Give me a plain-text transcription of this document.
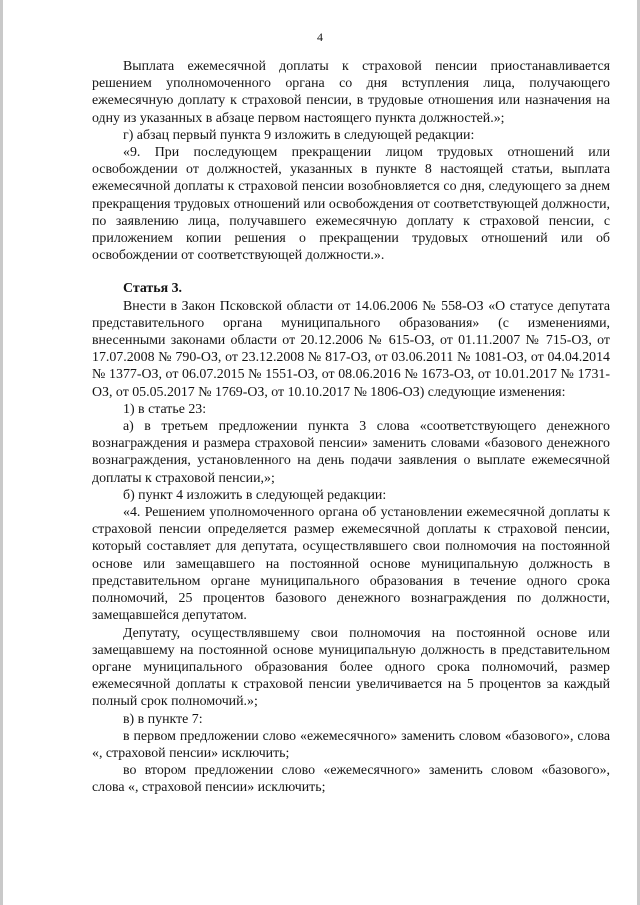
4

Выплата ежемесячной доплаты к страховой пенсии приостанавливается решением уполномоченного органа со дня вступления лица, получающего ежемесячную доплату к страховой пенсии, в трудовые отношения или назначения на одну из указанных в абзаце первом настоящего пункта должностей.»;

г) абзац первый пункта 9 изложить в следующей редакции:

«9. При последующем прекращении лицом трудовых отношений или освобождении от должностей, указанных в пункте 8 настоящей статьи, выплата ежемесячной доплаты к страховой пенсии возобновляется со дня, следующего за днем прекращения трудовых отношений или освобождения от соответствующей должности, по заявлению лица, получавшего ежемесячную доплату к страховой пенсии, с приложением копии решения о прекращении трудовых отношений или об освобождении от соответствующей должности.».

Статья 3.

Внести в Закон Псковской области от 14.06.2006 № 558-ОЗ «О статусе депутата представительного органа муниципального образования» (с изменениями, внесенными законами области от 20.12.2006 № 615-ОЗ, от 01.11.2007 № 715-ОЗ, от 17.07.2008 № 790-ОЗ, от 23.12.2008 № 817-ОЗ, от 03.06.2011 № 1081-ОЗ, от 04.04.2014 № 1377-ОЗ, от 06.07.2015 № 1551-ОЗ, от 08.06.2016 № 1673-ОЗ, от 10.01.2017 № 1731-ОЗ, от 05.05.2017 № 1769-ОЗ, от 10.10.2017 № 1806-ОЗ) следующие изменения:

1) в статье 23:

а) в третьем предложении пункта 3 слова «соответствующего денежного вознаграждения и размера страховой пенсии» заменить словами «базового денежного вознаграждения, установленного на день подачи заявления о выплате ежемесячной доплаты к страховой пенсии,»;

б) пункт 4 изложить в следующей редакции:

«4. Решением уполномоченного органа об установлении ежемесячной доплаты к страховой пенсии определяется размер ежемесячной доплаты к страховой пенсии, который составляет для депутата, осуществлявшего свои полномочия на постоянной основе или замещавшего на постоянной основе муниципальную должность в представительном органе муниципального образования в течение одного срока полномочий, 25 процентов базового денежного вознаграждения по должности, замещавшейся депутатом.

Депутату, осуществлявшему свои полномочия на постоянной основе или замещавшему на постоянной основе муниципальную должность в представительном органе муниципального образования более одного срока полномочий, размер ежемесячной доплаты к страховой пенсии увеличивается на 5 процентов за каждый полный срок полномочий.»;

в) в пункте 7:

в первом предложении слово «ежемесячного» заменить словом «базового», слова «, страховой пенсии» исключить;

во втором предложении слово «ежемесячного» заменить словом «базового», слова «, страховой пенсии» исключить;
